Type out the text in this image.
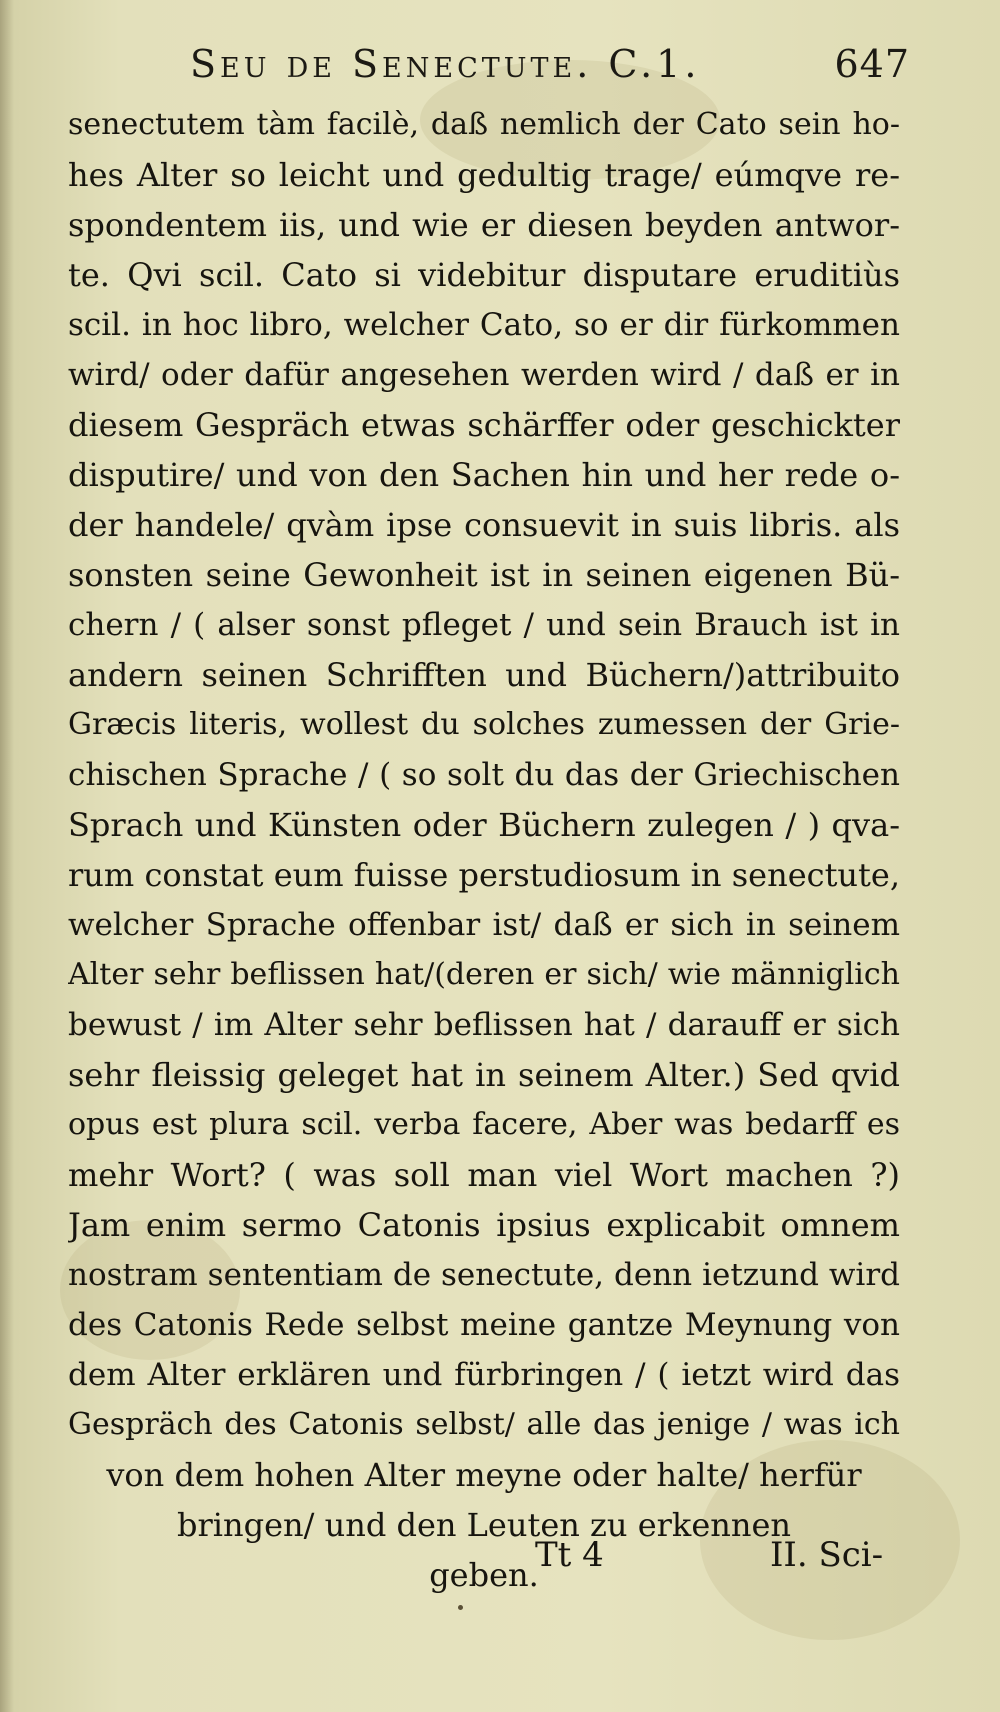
Seu de Senectute. C.1.	647
senectutem tàm facilè, daß nemlich der Cato sein ho-
hes Alter so leicht und gedultig trage/ eúmqve re-
spondentem iis, und wie er diesen beyden antwor-
te. Qvi scil. Cato si videbitur disputare eruditiùs
scil. in hoc libro, welcher Cato, so er dir fürkommen
wird/ oder dafür angesehen werden wird / daß er in
diesem Gespräch etwas schärffer oder geschickter
disputire/ und von den Sachen hin und her rede o-
der handele/ qvàm ipse consuevit in suis libris. als
sonsten seine Gewonheit ist in seinen eigenen Bü-
chern / ( alser sonst pfleget / und sein Brauch ist in
andern seinen Schrifften und Büchern/)attribuito
Græcis literis, wollest du solches zumessen der Grie-
chischen Sprache / ( so solt du das der Griechischen
Sprach und Künsten oder Büchern zulegen / ) qva-
rum constat eum fuisse perstudiosum in senectute,
welcher Sprache offenbar ist/ daß er sich in seinem
Alter sehr beflissen hat/(deren er sich/ wie männiglich
bewust / im Alter sehr beflissen hat / darauff er sich
sehr fleissig geleget hat in seinem Alter.) Sed qvid
opus est plura scil. verba facere, Aber was bedarff es
mehr Wort? ( was soll man viel Wort machen ?)
Jam enim sermo Catonis ipsius explicabit omnem
nostram sententiam de senectute, denn ietzund wird
des Catonis Rede selbst meine gantze Meynung von
dem Alter erklären und fürbringen / ( ietzt wird das
Gespräch des Catonis selbst/ alle das jenige / was ich
von dem hohen Alter meyne oder halte/ herfür
bringen/ und den Leuten zu erkennen
geben.
Tt 4	II. Sci-
